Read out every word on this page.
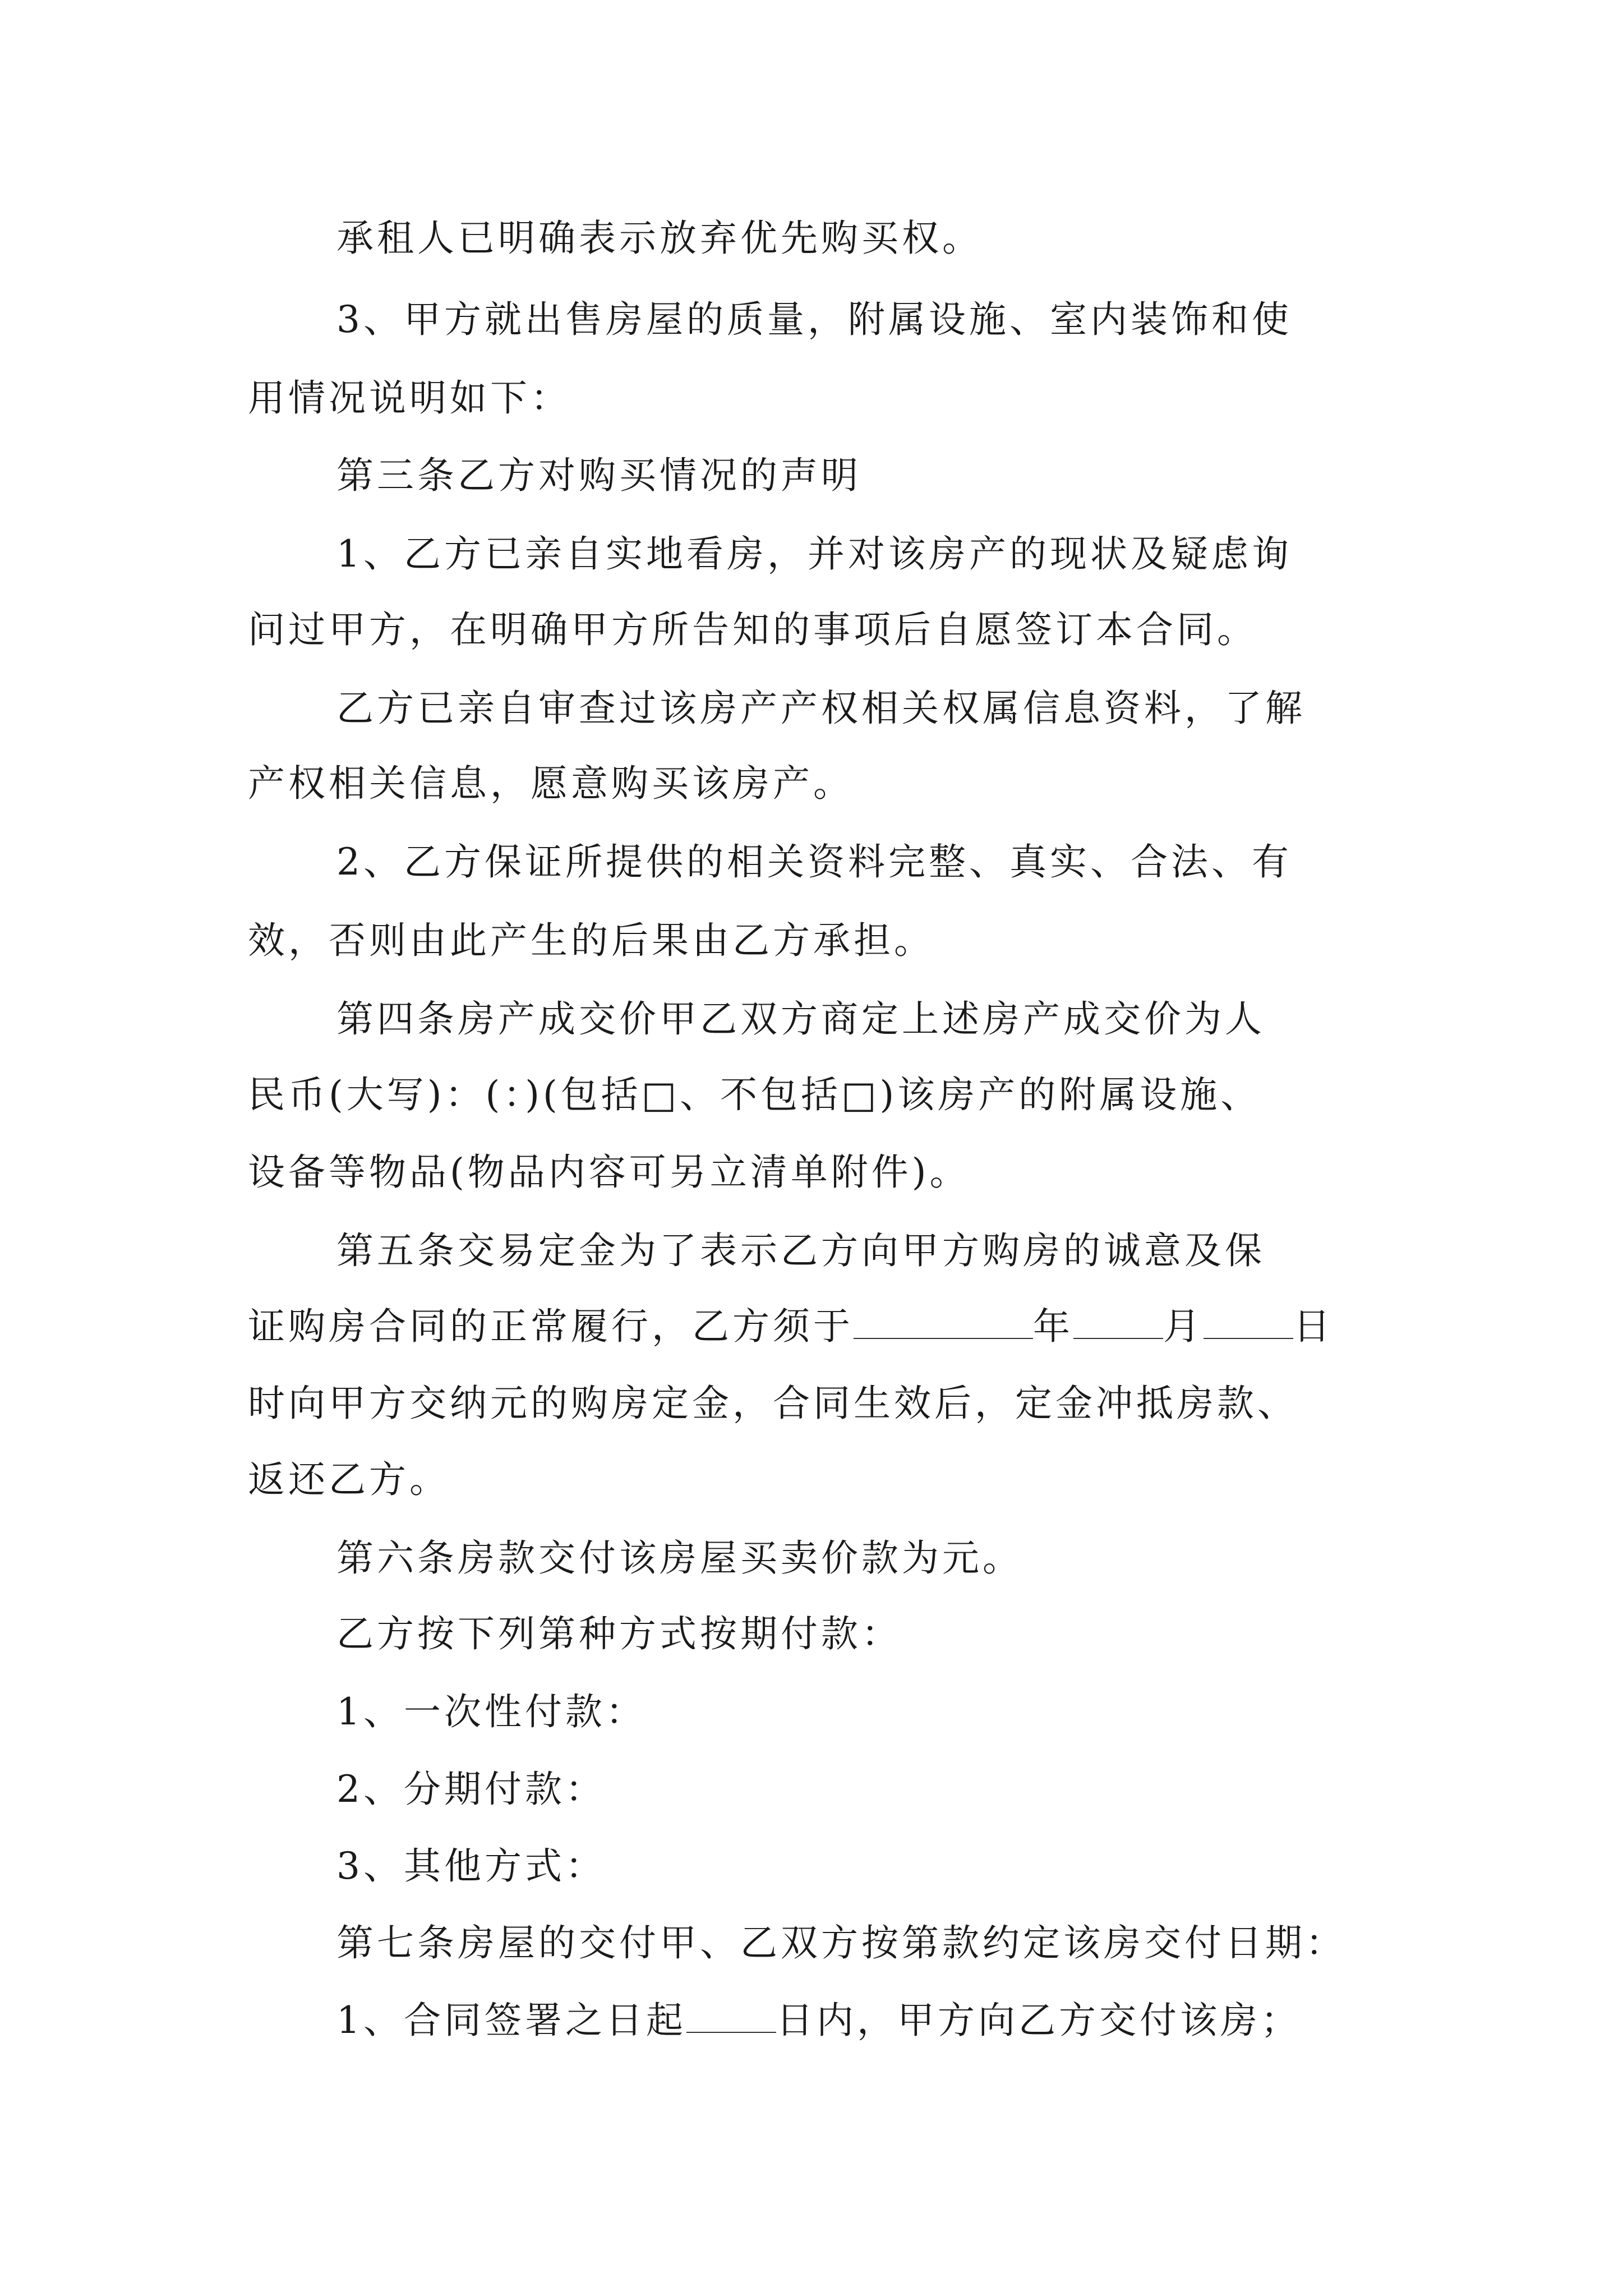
承租人已明确表示放弃优先购买权。
3、甲方就出售房屋的质量，附属设施、室内装饰和使
用情况说明如下：
第三条乙方对购买情况的声明
1、乙方已亲自实地看房，并对该房产的现状及疑虑询
问过甲方，在明确甲方所告知的事项后自愿签订本合同。
乙方已亲自审查过该房产产权相关权属信息资料，了解
产权相关信息，愿意购买该房产。
2、乙方保证所提供的相关资料完整、真实、合法、有
效，否则由此产生的后果由乙方承担。
第四条房产成交价甲乙双方商定上述房产成交价为人
民币(大写)：(：)(包括□、不包括□)该房产的附属设施、
设备等物品(物品内容可另立清单附件)。
第五条交易定金为了表示乙方向甲方购房的诚意及保
证购房合同的正常履行，乙方须于	年 月 日
时向甲方交纳元的购房定金，合同生效后，定金冲抵房款、
返还乙方。
第六条房款交付该房屋买卖价款为元。
乙方按下列第种方式按期付款：
1、一次性付款：
2、分期付款：
3、其他方式：
第七条房屋的交付甲、乙双方按第款约定该房交付日期：
1、合同签署之日起 日内，甲方向乙方交付该房；
